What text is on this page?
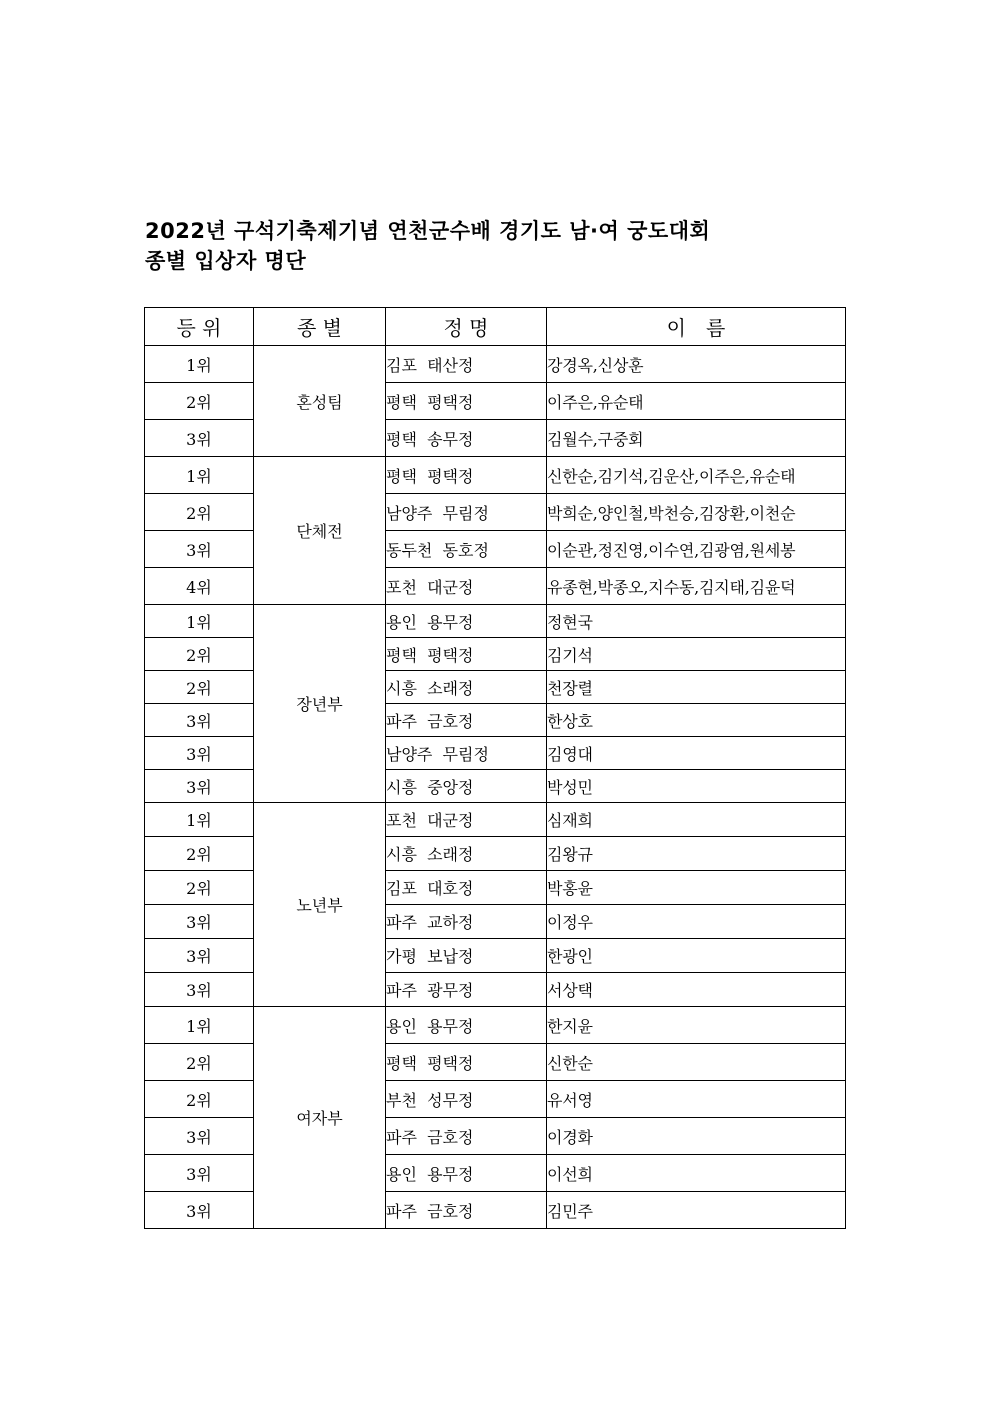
2022년 구석기축제기념 연천군수배 경기도 남·여 궁도대회
종별 입상자 명단
등 위	종 별	정 명	이　름
1위	혼성팀	김포  태산정	강경옥,신상훈
2위		평택  평택정	이주은,유순태
3위		평택  송무정	김월수,구중회
1위	단체전	평택  평택정	신한순,김기석,김운산,이주은,유순태
2위		남양주  무림정	박희순,양인철,박천승,김장환,이천순
3위		동두천  동호정	이순관,정진영,이수연,김광염,원세봉
4위		포천  대군정	유종현,박종오,지수동,김지태,김윤덕
1위	장년부	용인  용무정	정현국
2위		평택  평택정	김기석
2위		시흥  소래정	천장렬
3위		파주  금호정	한상호
3위		남양주  무림정	김영대
3위		시흥  중앙정	박성민
1위	노년부	포천  대군정	심재희
2위		시흥  소래정	김왕규
2위		김포  대호정	박홍윤
3위		파주  교하정	이정우
3위		가평  보납정	한광인
3위		파주  광무정	서상택
1위	여자부	용인  용무정	한지윤
2위		평택  평택정	신한순
2위		부천  성무정	유서영
3위		파주  금호정	이경화
3위		용인  용무정	이선희
3위		파주  금호정	김민주
